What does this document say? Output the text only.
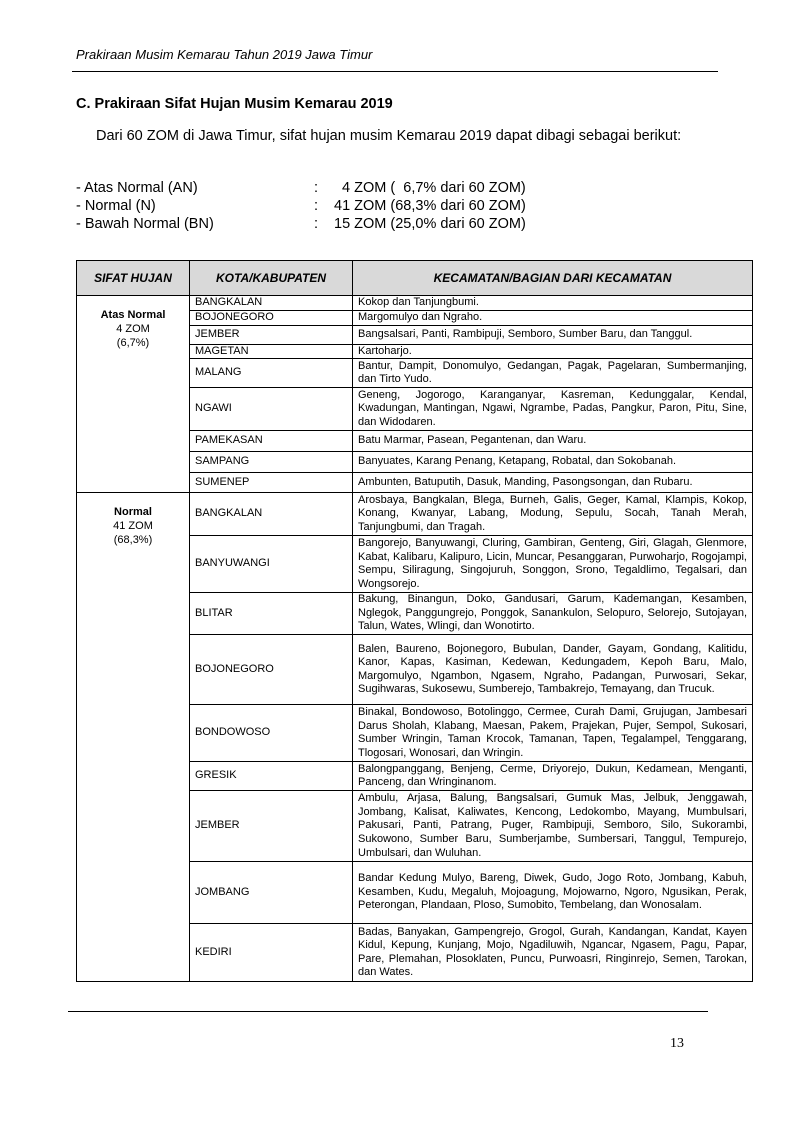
Prakiraan Musim Kemarau Tahun 2019 Jawa Timur
C. Prakiraan Sifat Hujan Musim Kemarau 2019
Dari 60 ZOM di Jawa Timur, sifat hujan musim Kemarau 2019 dapat dibagi sebagai berikut:
- Atas Normal (AN)	: 4 ZOM (  6,7% dari 60 ZOM)
- Normal (N)	: 41 ZOM (68,3% dari 60 ZOM)
- Bawah Normal (BN)	: 15 ZOM (25,0% dari 60 ZOM)
SIFAT HUJAN	KOTA/KABUPATEN	KECAMATAN/BAGIAN DARI KECAMATAN

Atas Normal
4 ZOM
(6,7%)	BANGKALAN	Kokop dan Tanjungbumi.
	BOJONEGORO	Margomulyo dan Ngraho.
	JEMBER	Bangsalsari, Panti, Rambipuji, Semboro, Sumber Baru, dan Tanggul.
	MAGETAN	Kartoharjo.
	MALANG	Bantur, Dampit, Donomulyo, Gedangan, Pagak, Pagelaran, Sumbermanjing, dan Tirto Yudo.
	NGAWI	Geneng, Jogorogo, Karanganyar, Kasreman, Kedunggalar, Kendal, Kwadungan, Mantingan, Ngawi, Ngrambe, Padas, Pangkur, Paron, Pitu, Sine, dan Widodaren.
	PAMEKASAN	Batu Marmar, Pasean, Pegantenan, dan Waru.
	SAMPANG	Banyuates, Karang Penang, Ketapang, Robatal, dan Sokobanah.
	SUMENEP	Ambunten, Batuputih, Dasuk, Manding, Pasongsongan, dan Rubaru.

Normal
41 ZOM
(68,3%)	BANGKALAN	Arosbaya, Bangkalan, Blega, Burneh, Galis, Geger, Kamal, Klampis, Kokop, Konang, Kwanyar, Labang, Modung, Sepulu, Socah, Tanah Merah, Tanjungbumi, dan Tragah.
	BANYUWANGI	Bangorejo, Banyuwangi, Cluring, Gambiran, Genteng, Giri, Glagah, Glenmore, Kabat, Kalibaru, Kalipuro, Licin, Muncar, Pesanggaran, Purwoharjo, Rogojampi, Sempu, Siliragung, Singojuruh, Songgon, Srono, Tegaldlimo, Tegalsari, dan Wongsorejo.
	BLITAR	Bakung, Binangun, Doko, Gandusari, Garum, Kademangan, Kesamben, Nglegok, Panggungrejo, Ponggok, Sanankulon, Selopuro, Selorejo, Sutojayan, Talun, Wates, Wlingi, dan Wonotirto.
	BOJONEGORO	Balen, Baureno, Bojonegoro, Bubulan, Dander, Gayam, Gondang, Kalitidu, Kanor, Kapas, Kasiman, Kedewan, Kedungadem, Kepoh Baru, Malo, Margomulyo, Ngambon, Ngasem, Ngraho, Padangan, Purwosari, Sekar, Sugihwaras, Sukosewu, Sumberejo, Tambakrejo, Temayang, dan Trucuk.
	BONDOWOSO	Binakal, Bondowoso, Botolinggo, Cermee, Curah Dami, Grujugan, Jambesari Darus Sholah, Klabang, Maesan, Pakem, Prajekan, Pujer, Sempol, Sukosari, Sumber Wringin, Taman Krocok, Tamanan, Tapen, Tegalampel, Tenggarang, Tlogosari, Wonosari, dan Wringin.
	GRESIK	Balongpanggang, Benjeng, Cerme, Driyorejo, Dukun, Kedamean, Menganti, Panceng, dan Wringinanom.
	JEMBER	Ambulu, Arjasa, Balung, Bangsalsari, Gumuk Mas, Jelbuk, Jenggawah, Jombang, Kalisat, Kaliwates, Kencong, Ledokombo, Mayang, Mumbulsari, Pakusari, Panti, Patrang, Puger, Rambipuji, Semboro, Silo, Sukorambi, Sukowono, Sumber Baru, Sumberjambe, Sumbersari, Tanggul, Tempurejo, Umbulsari, dan Wuluhan.
	JOMBANG	Bandar Kedung Mulyo, Bareng, Diwek, Gudo, Jogo Roto, Jombang, Kabuh, Kesamben, Kudu, Megaluh, Mojoagung, Mojowarno, Ngoro, Ngusikan, Perak, Peterongan, Plandaan, Ploso, Sumobito, Tembelang, dan Wonosalam.
	KEDIRI	Badas, Banyakan, Gampengrejo, Grogol, Gurah, Kandangan, Kandat, Kayen Kidul, Kepung, Kunjang, Mojo, Ngadiluwih, Ngancar, Ngasem, Pagu, Papar, Pare, Plemahan, Plosoklaten, Puncu, Purwoasri, Ringinrejo, Semen, Tarokan, dan Wates.
13
